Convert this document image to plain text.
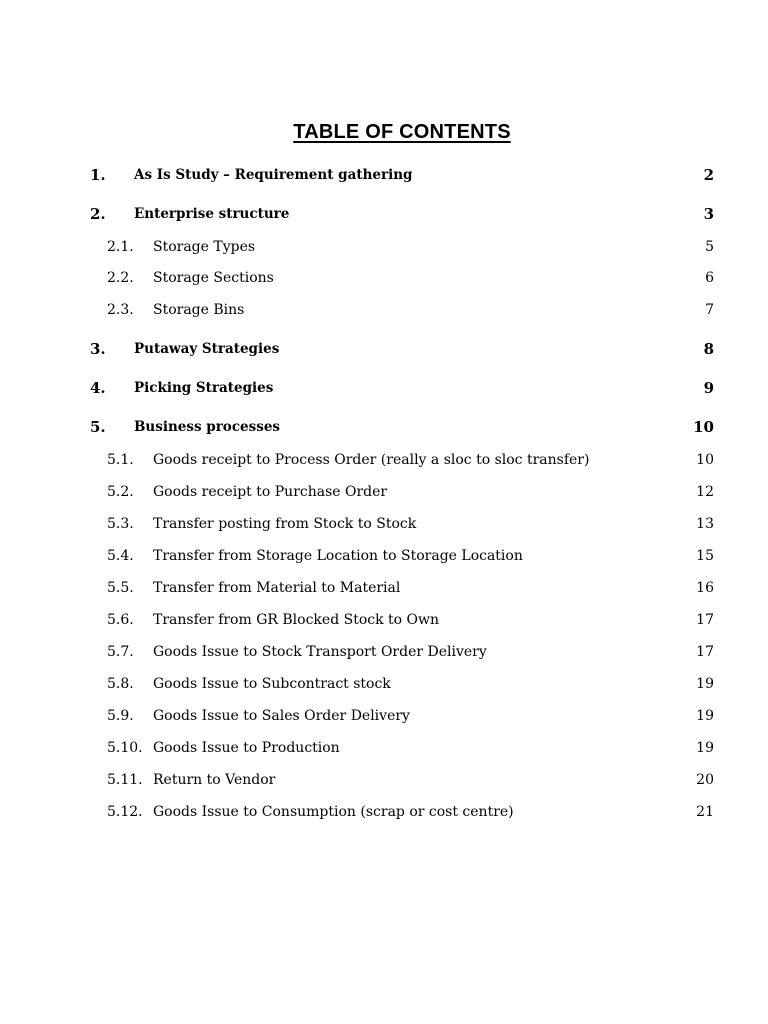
TABLE OF CONTENTS
1. As Is Study – Requirement gathering	2
2. Enterprise structure	3
2.1. Storage Types	5
2.2. Storage Sections	6
2.3. Storage Bins	7
3. Putaway Strategies	8
4. Picking Strategies	9
5. Business processes	10
5.1. Goods receipt to Process Order (really a sloc to sloc transfer)	10
5.2. Goods receipt to Purchase Order	12
5.3. Transfer posting from Stock to Stock	13
5.4. Transfer from Storage Location to Storage Location	15
5.5. Transfer from Material to Material	16
5.6. Transfer from GR Blocked Stock to Own	17
5.7. Goods Issue to Stock Transport Order Delivery	17
5.8. Goods Issue to Subcontract stock	19
5.9. Goods Issue to Sales Order Delivery	19
5.10. Goods Issue to Production	19
5.11. Return to Vendor	20
5.12. Goods Issue to Consumption (scrap or cost centre)	21
